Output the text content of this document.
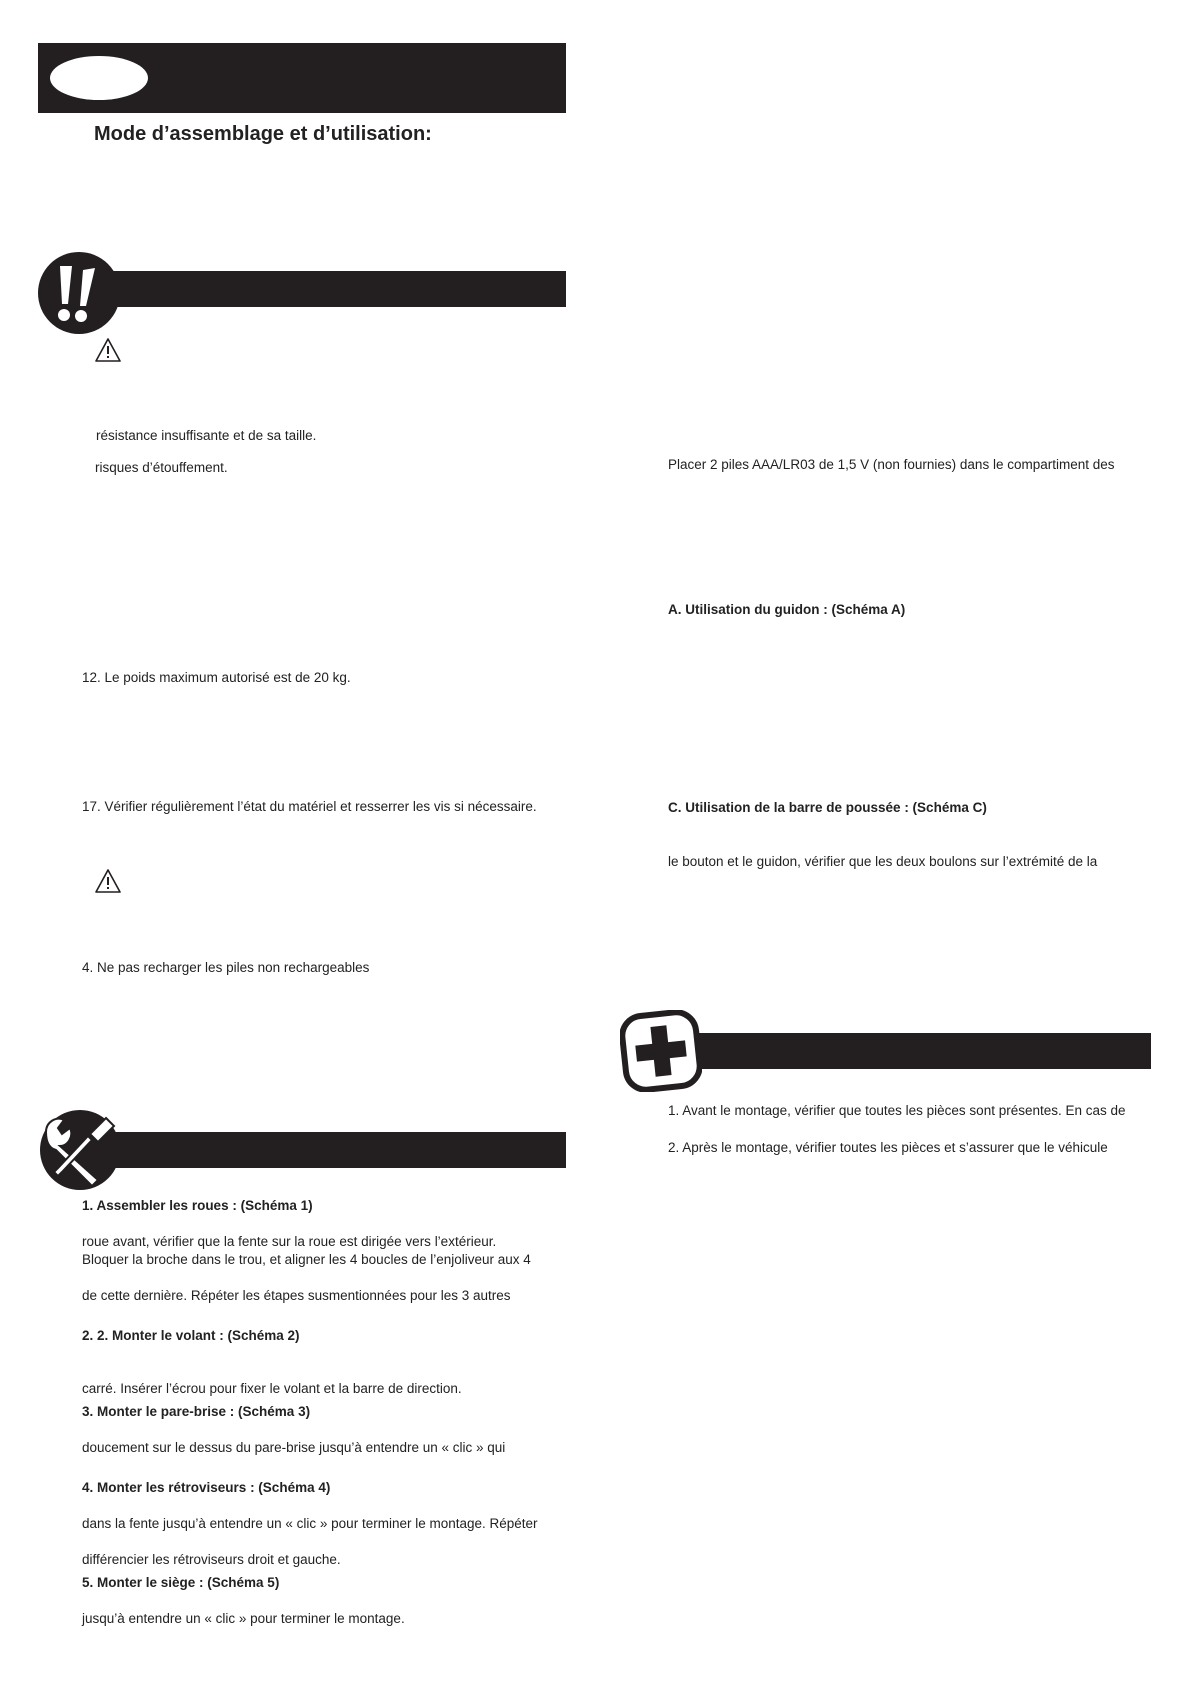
Mode d’assemblage et d’utilisation:
résistance insuffisante et de sa taille.
risques d’étouffement.
12. Le poids maximum autorisé est de 20 kg.
17. Vérifier régulièrement l’état du matériel et resserrer les vis si nécessaire.
4. Ne pas recharger les piles non rechargeables
1. Assembler les roues : (Schéma 1)
roue avant, vérifier que la fente sur la roue est dirigée vers l’extérieur.
Bloquer la broche dans le trou, et aligner les 4 boucles de l’enjoliveur aux 4
de cette dernière. Répéter les étapes susmentionnées pour les 3 autres
2. 2. Monter le volant : (Schéma 2)
carré. Insérer l’écrou pour fixer le volant et la barre de direction.
3. Monter le pare-brise : (Schéma 3)
doucement sur le dessus du pare-brise jusqu’à entendre un « clic » qui
4. Monter les rétroviseurs : (Schéma 4)
dans la fente jusqu’à entendre un « clic » pour terminer le montage. Répéter
différencier les rétroviseurs droit et gauche.
5. Monter le siège : (Schéma 5)
jusqu’à entendre un « clic » pour terminer le montage.
Placer 2 piles AAA/LR03 de 1,5 V (non fournies) dans le compartiment des
A. Utilisation du guidon : (Schéma A)
C. Utilisation de la barre de poussée : (Schéma C)
le bouton et le guidon, vérifier que les deux boulons sur l’extrémité de la
1. Avant le montage, vérifier que toutes les pièces sont présentes. En cas de
2. Après le montage, vérifier toutes les pièces et s’assurer que le véhicule
